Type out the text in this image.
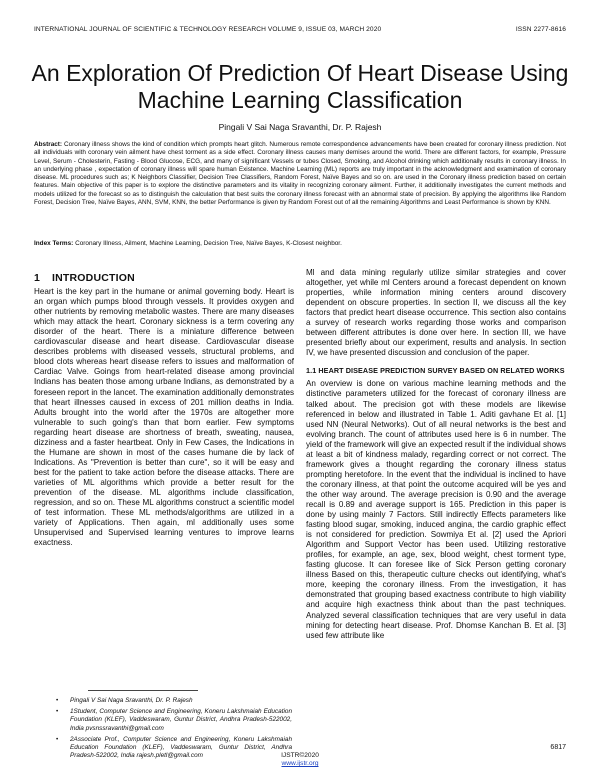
INTERNATIONAL JOURNAL OF SCIENTIFIC & TECHNOLOGY RESEARCH VOLUME 9, ISSUE 03, MARCH 2020	ISSN 2277-8616
An Exploration Of Prediction Of Heart Disease Using Machine Learning Classification
Pingali V Sai Naga Sravanthi, Dr. P. Rajesh
Abstract: Coronary illness shows the kind of condition which prompts heart glitch. Numerous remote correspondence advancements have been created for coronary illness prediction. Not all individuals with coronary vein ailment have chest torment as a side effect. Coronary illness causes many demises around the world. There are different factors, for example, Pressure Level, Serum - Cholesterin, Fasting - Blood Glucose, ECG, and many of significant Vessels or tubes Closed, Smoking, and Alcohol drinking which additionally results in coronary illness. In an underlying phase , expectation of coronary illness will spare human Existence. Machine Learning (ML) reports are truly important in the acknowledgment and examination of coronary disease. ML procedures such as; K Neighbors Classifier, Decision Tree Classifiers, Random Forest, Naïve Bayes and so on. are used in the Coronary illness prediction based on certain features. Main objective of this paper is to explore the distinctive parameters and its vitality in recognizing coronary ailment. Further, it additionally investigates the current methods and models utilized for the forecast so as to distinguish the calculation that best suits the coronary illness forecast with an abnormal state of precision. By applying the algorithms like Random Forest, Decision Tree, Naïve Bayes, ANN, SVM, KNN, the better Performance is given by Random Forest out of all the remaining Algorithms and Least Performance is shown by KNN.
Index Terms: Coronary Illness, Ailment, Machine Learning, Decision Tree, Naïve Bayes, K-Closest neighbor.
1 INTRODUCTION

Heart is the key part in the humane or animal governing body. Heart is an organ which pumps blood through vessels. It provides oxygen and other nutrients by removing metabolic wastes. There are many diseases which may attack the heart. Coronary sickness is a term covering any disorder of the heart. There is a miniature difference between cardiovascular disease and heart disease. Cardiovascular disease describes problems with diseased vessels, structural problems, and blood clots whereas heart disease refers to issues and malformation of Cardiac Valve. Goings from heart-related disease among provincial Indians has beaten those among urbane Indians, as demonstrated by a foreseen report in the lancet. The examination additionally demonstrates that heart illnesses caused in excess of 201 million deaths in India. Adults brought into the world after the 1970s are altogether more vulnerable to such going's than that born earlier. Few symptoms regarding heart disease are shortness of breath, sweating, nausea, dizziness and a faster heartbeat. Only in Few Cases, the Indications in the Humane are shown in most of the cases humane die by lack of Indications. As "Prevention is better than cure", so it will be easy and best for the patient to take action before the disease attacks. There are varieties of ML algorithms which provide a better result for the prevention of the disease. ML algorithms include classification, regression, and so on. These ML algorithms construct a scientific model of test information. These ML methods/algorithms are utilized in a variety of Applications. Then again, ml additionally uses some Unsupervised and Supervised learning ventures to improve learns exactness.

Ml and data mining regularly utilize similar strategies and cover altogether, yet while ml Centers around a forecast dependent on known properties, while information mining centers around discovery dependent on obscure properties. In section II, we discuss all the key factors that predict heart disease occurrence. This section also contains a survey of research works regarding those works and comparison between different attributes is done over here. In section III, we have presented briefly about our experiment, results and analysis. In section IV, we have presented discussion and conclusion of the paper.

1.1 HEART DISEASE PREDICTION SURVEY BASED ON RELATED WORKS

An overview is done on various machine learning methods and the distinctive parameters utilized for the forecast of coronary illness are talked about. The precision got with these models are likewise referenced in below and illustrated in Table 1. Aditi gavhane Et al. [1] used NN (Neural Networks). Out of all neural networks is the best and evolving branch. The count of attributes used here is 6 in number. The yield of the framework will give an expected result if the individual shows at least a bit of kindness malady, regarding correct or not correct. The framework gives a thought regarding the coronary illness status prompting heretofore. In the event that the individual is inclined to have the coronary illness, at that point the outcome acquired will be yes and the other way around. The average precision is 0.90 and the average recall is 0.89 and average support is 165. Prediction in this paper is done by using mainly 7 Factors. Still indirectly Effects parameters like fasting blood sugar, smoking, induced angina, the cardio graphic effect is not considered for prediction. Sowmiya Et al. [2] used the Apriori Algorithm and Support Vector has been used. Utilizing restorative profiles, for example, an age, sex, blood weight, chest torment type, fasting glucose. It can foresee like of Sick Person getting coronary illness Based on this, therapeutic culture checks out identifying, what's more, keeping the coronary illness. From the investigation, it has demonstrated that grouping based exactness contribute to high viability and acquire high exactness think about than the past techniques. Analyzed several classification techniques that are very useful in data mining for detecting heart disease. Prof. Dhomse Kanchan B. Et al. [3] used few attribute like

• Pingali V Sai Naga Sravanthi, Dr. P. Rajesh
• 1Student, Computer Science and Engineering, Koneru Lakshmaiah Education Foundation (KLEF), Vaddeswaram, Guntur District, Andhra Pradesh-522002, India pvsnssravanthi@gmail.com
• 2Associate Prof., Computer Science and Engineering, Koneru Lakshmaiah Education Foundation (KLEF), Vaddeswaram, Guntur District, Andhra Pradesh-522002, India rajesh.pletl@gmail.com
6817
IJSTR©2020
www.ijstr.org
